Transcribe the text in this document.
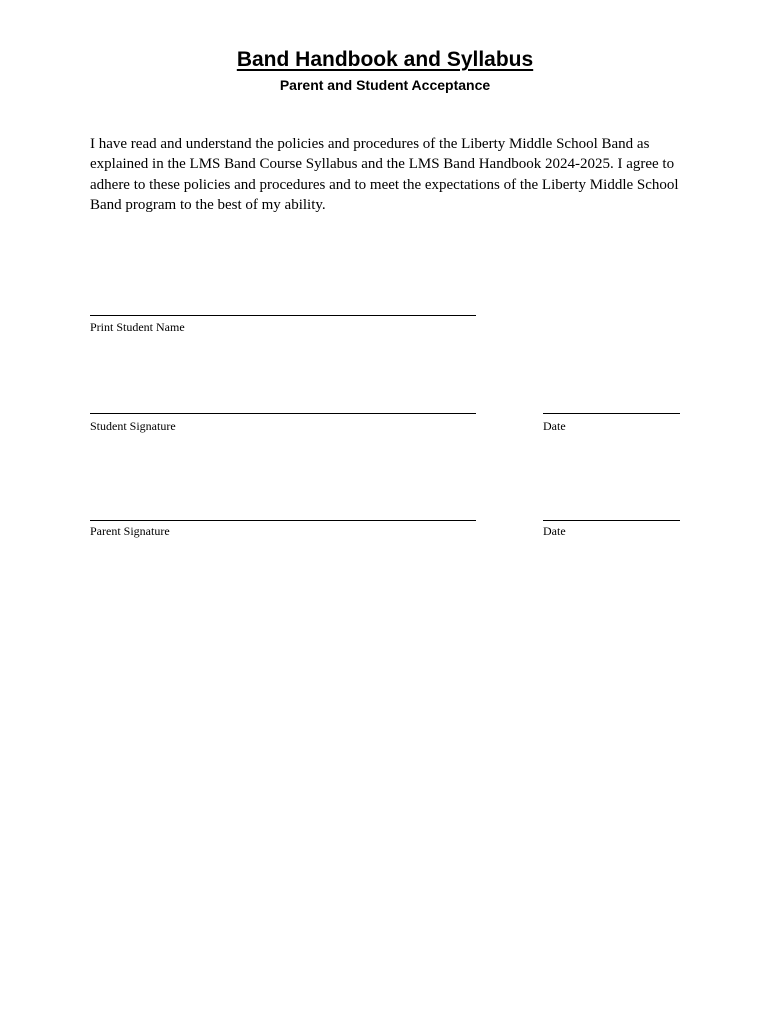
Band Handbook and Syllabus
Parent and Student Acceptance

I have read and understand the policies and procedures of the Liberty Middle School Band as explained in the LMS Band Course Syllabus and the LMS Band Handbook 2024-2025. I agree to adhere to these policies and procedures and to meet the expectations of the Liberty Middle School Band program to the best of my ability.

Print Student Name
Student Signature	Date
Parent Signature	Date
